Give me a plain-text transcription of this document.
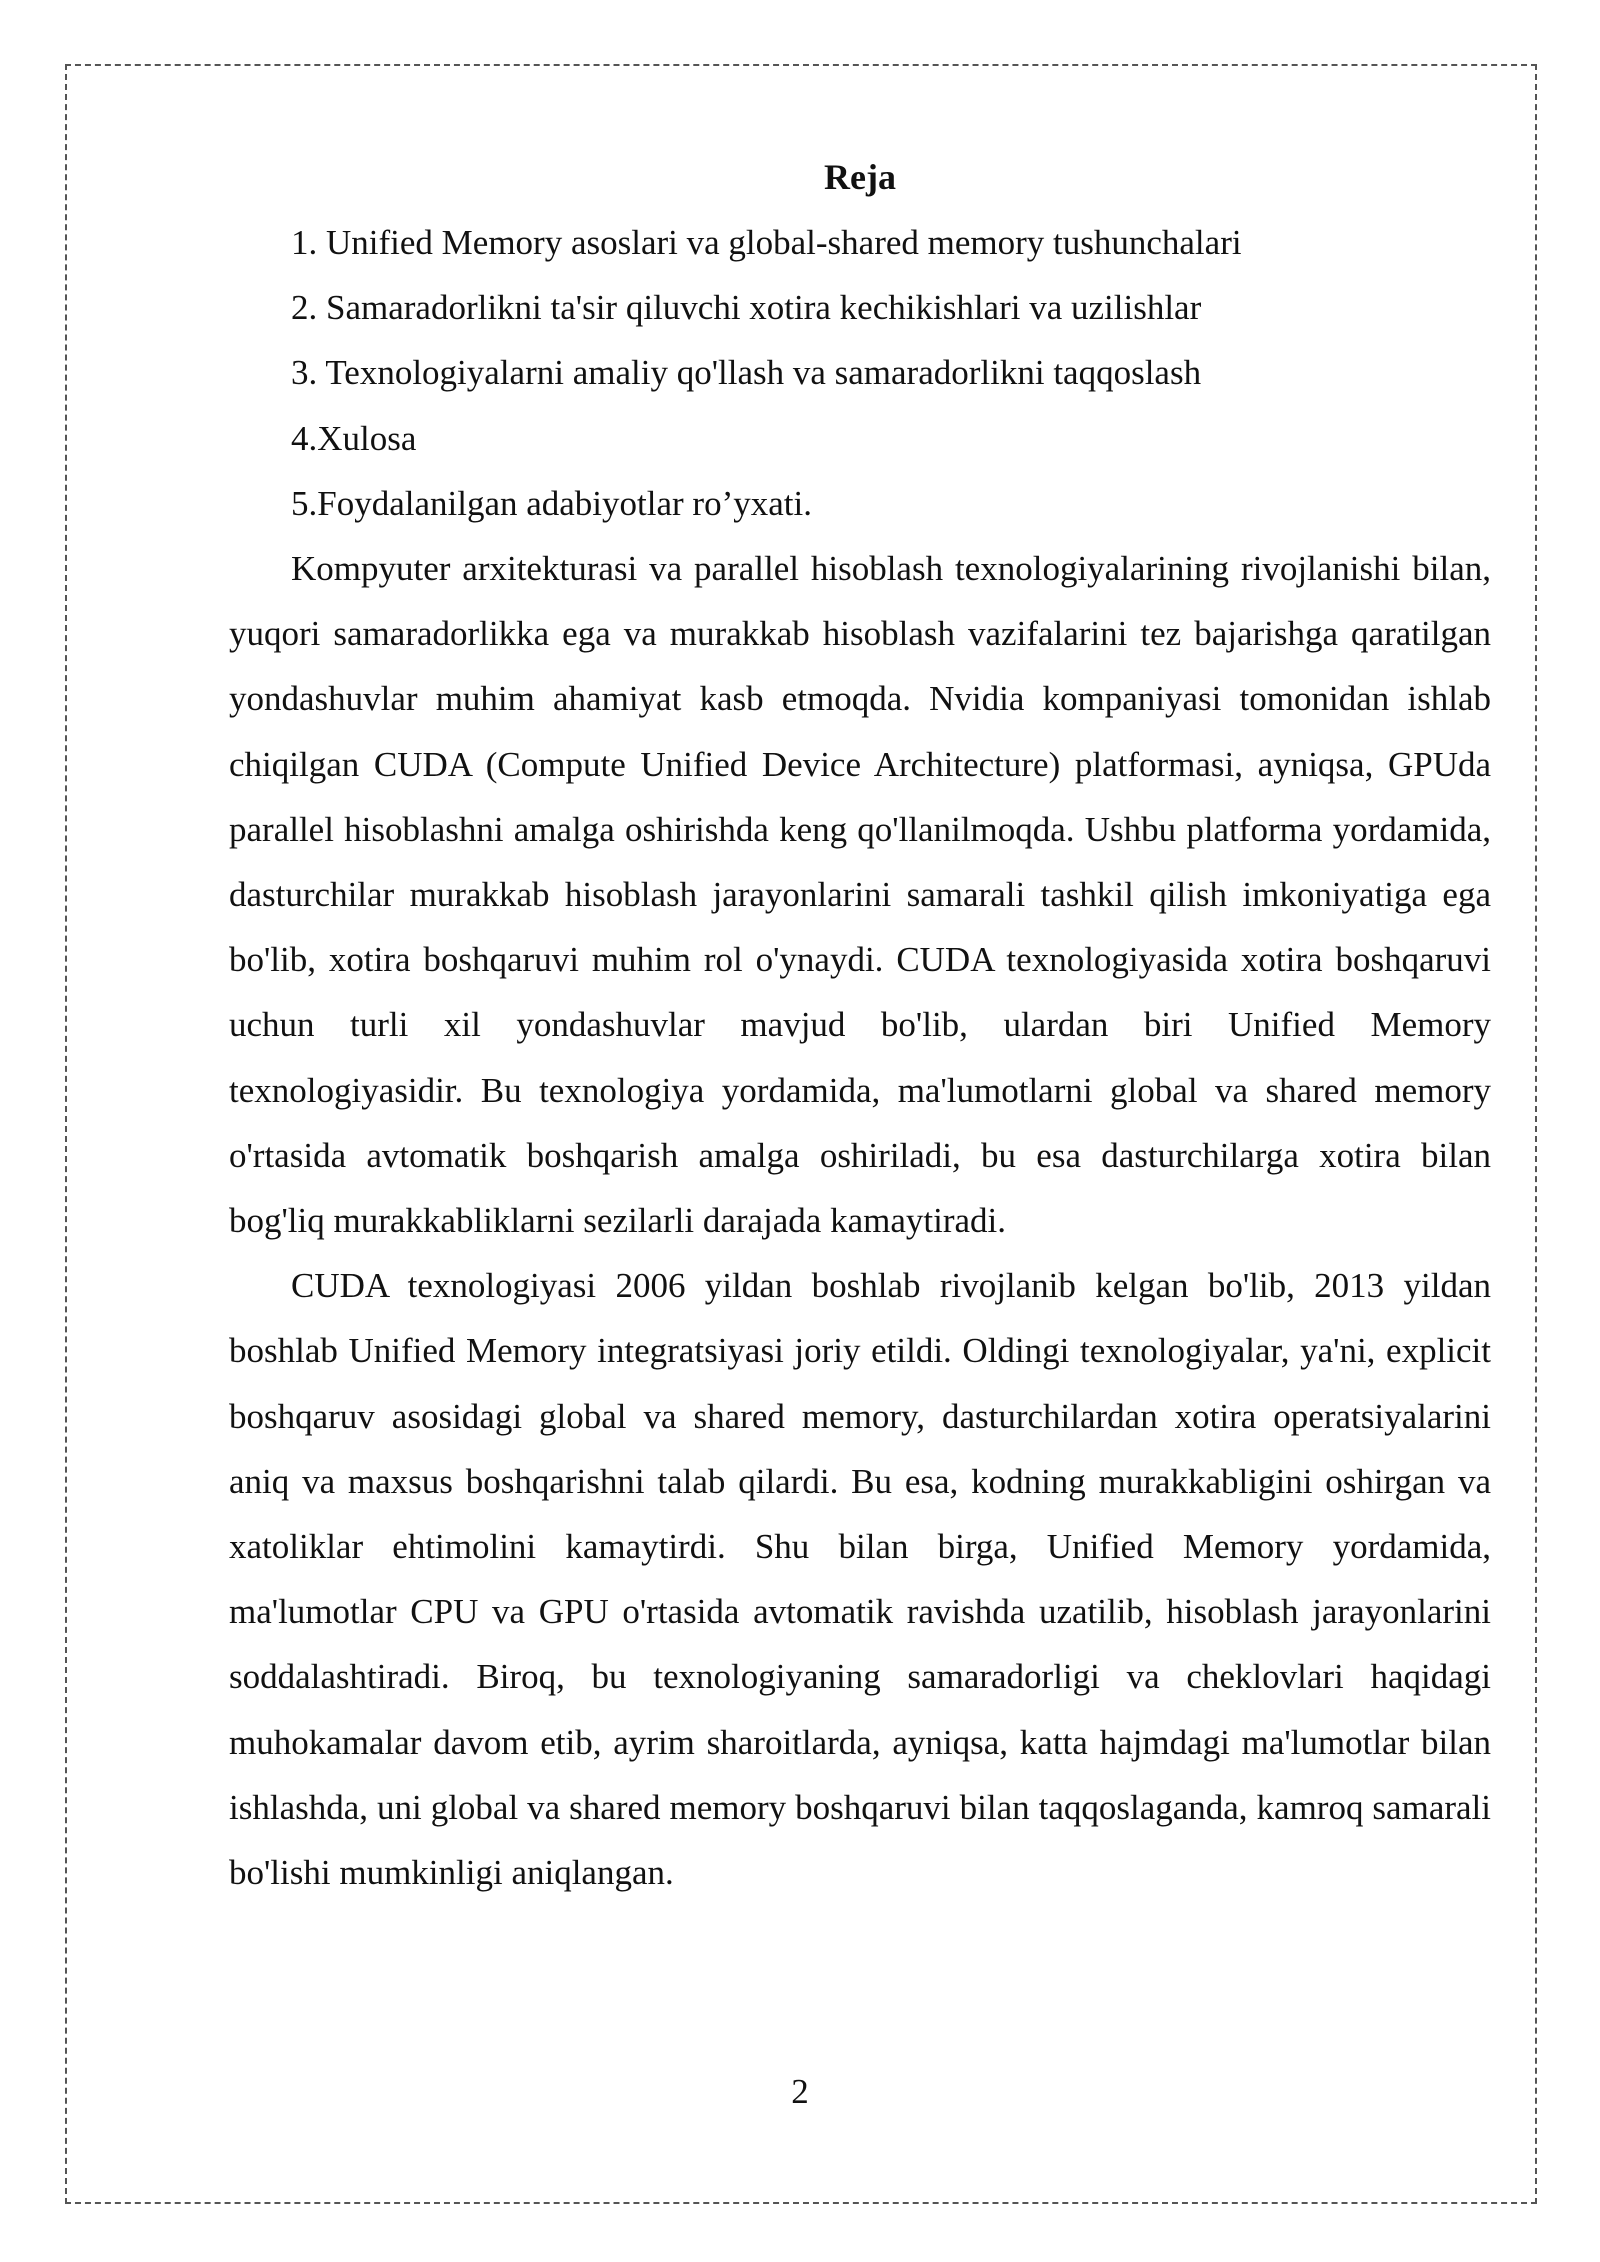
Reja
1. Unified Memory asoslari va global-shared memory tushunchalari
2. Samaradorlikni ta'sir qiluvchi xotira kechikishlari va uzilishlar
3. Texnologiyalarni amaliy qo'llash va samaradorlikni taqqoslash
4.Xulosa
5.Foydalanilgan adabiyotlar ro’yxati.

Kompyuter arxitekturasi va parallel hisoblash texnologiyalarining rivojlanishi bilan, yuqori samaradorlikka ega va murakkab hisoblash vazifalarini tez bajarishga qaratilgan yondashuvlar muhim ahamiyat kasb etmoqda. Nvidia kompaniyasi tomonidan ishlab chiqilgan CUDA (Compute Unified Device Architecture) platformasi, ayniqsa, GPUda parallel hisoblashni amalga oshirishda keng qo'llanilmoqda. Ushbu platforma yordamida, dasturchilar murakkab hisoblash jarayonlarini samarali tashkil qilish imkoniyatiga ega bo'lib, xotira boshqaruvi muhim rol o'ynaydi. CUDA texnologiyasida xotira boshqaruvi uchun turli xil yondashuvlar mavjud bo'lib, ulardan biri Unified Memory texnologiyasidir. Bu texnologiya yordamida, ma'lumotlarni global va shared memory o'rtasida avtomatik boshqarish amalga oshiriladi, bu esa dasturchilarga xotira bilan bog'liq murakkabliklarni sezilarli darajada kamaytiradi.

CUDA texnologiyasi 2006 yildan boshlab rivojlanib kelgan bo'lib, 2013 yildan boshlab Unified Memory integratsiyasi joriy etildi. Oldingi texnologiyalar, ya'ni, explicit boshqaruv asosidagi global va shared memory, dasturchilardan xotira operatsiyalarini aniq va maxsus boshqarishni talab qilardi. Bu esa, kodning murakkabligini oshirgan va xatoliklar ehtimolini kamaytirdi. Shu bilan birga, Unified Memory yordamida, ma'lumotlar CPU va GPU o'rtasida avtomatik ravishda uzatilib, hisoblash jarayonlarini soddalashtiradi. Biroq, bu texnologiyaning samaradorligi va cheklovlari haqidagi muhokamalar davom etib, ayrim sharoitlarda, ayniqsa, katta hajmdagi ma'lumotlar bilan ishlashda, uni global va shared memory boshqaruvi bilan taqqoslaganda, kamroq samarali bo'lishi mumkinligi aniqlangan.

2
